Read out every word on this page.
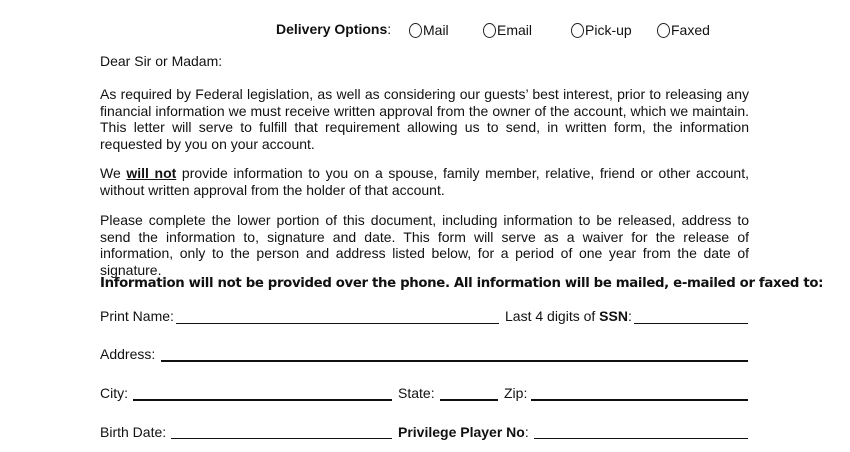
Delivery Options: Mail	Email	Pick-up	Faxed
Dear Sir or Madam:

As required by Federal legislation, as well as considering our guests’ best interest, prior to releasing any financial information we must receive written approval from the owner of the account, which we maintain. This letter will serve to fulfill that requirement allowing us to send, in written form, the information requested by you on your account.

We will not provide information to you on a spouse, family member, relative, friend or other account, without written approval from the holder of that account.

Please complete the lower portion of this document, including information to be released, address to send the information to, signature and date. This form will serve as a waiver for the release of information, only to the person and address listed below, for a period of one year from the date of signature.

Information will not be provided over the phone. All information will be mailed, e-mailed or faxed to:
Print Name:	Last 4 digits of SSN:
Address:
City:	State:	Zip:
Birth Date:	Privilege Player No:
